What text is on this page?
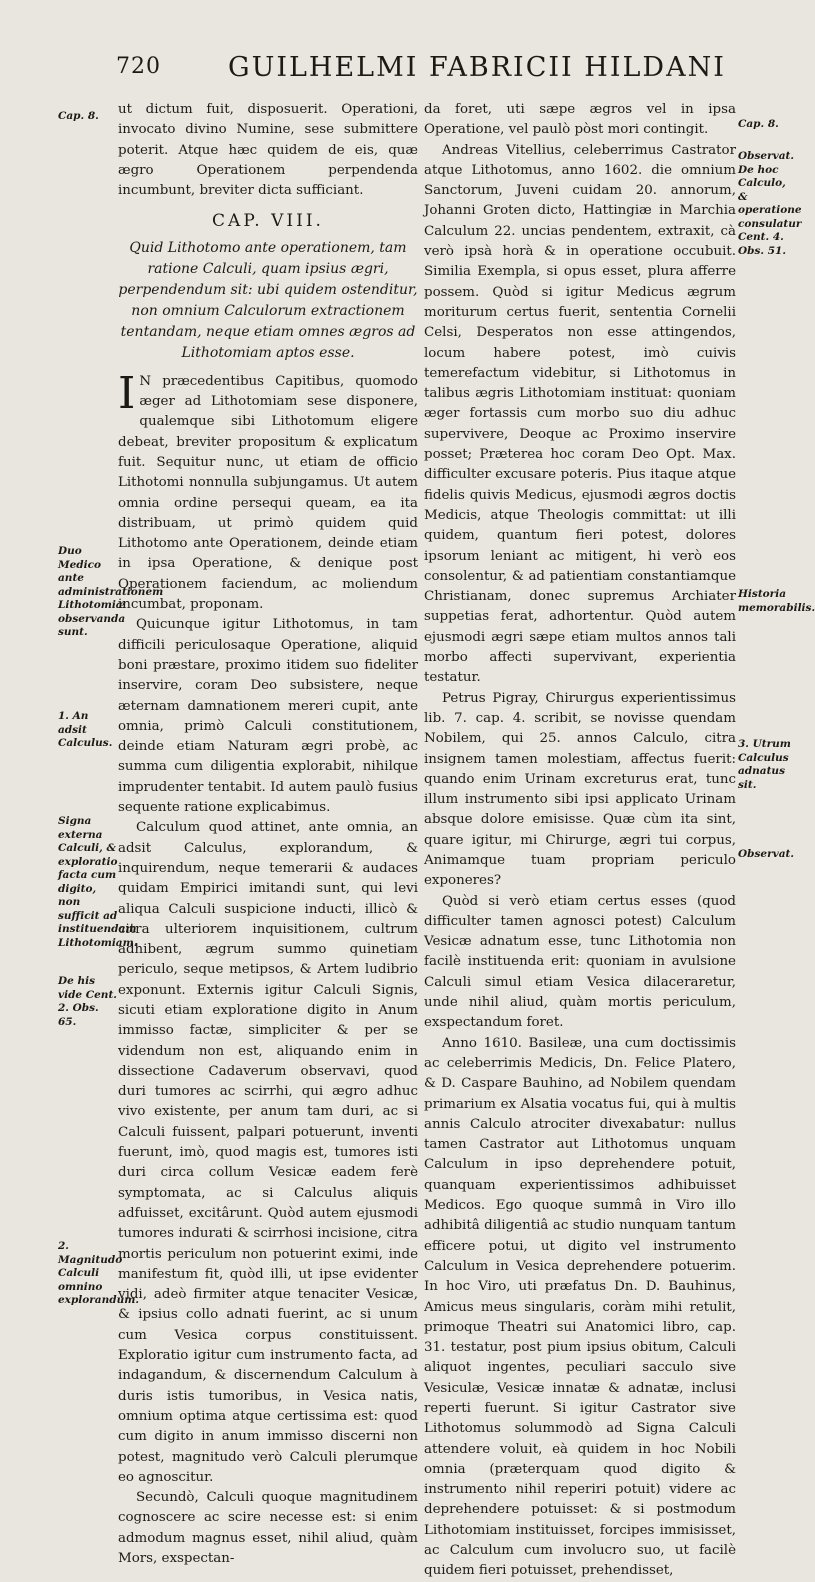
720 GUILHELMI FABRICII HILDANI

ut dictum fuit, disposuerit. Operationi, invocato divino Numine, sese submittere poterit. Atque hæc quidem de eis, quæ ægro Operationem perpendenda incumbunt, breviter dicta sufficiant.

CAP. VIII.

Quid Lithotomo ante operationem, tam ratione Calculi, quam ipsius ægri, perpendendum sit: ubi quidem ostenditur, non omnium Calculorum extractionem tentandam, neque etiam omnes ægros ad Lithotomiam aptos esse.

I N præcedentibus Capitibus, quomodo æger ad Lithotomiam sese disponere, qualemque sibi Lithotomum eligere debeat, breviter propositum & explicatum fuit. Sequitur nunc, ut etiam de officio Lithotomi nonnulla subjungamus. Ut autem omnia ordine persequi queam, ea ita distribuam, ut primò quidem quid Lithotomo ante Operationem, deinde etiam in ipsa Operatione, & denique post Operationem faciendum, ac moliendum incumbat, proponam.

Quicunque igitur Lithotomus, in tam difficili periculosaque Operatione, aliquid boni præstare, proximo itidem suo fideliter inservire, coram Deo subsistere, neque æternam damnationem mereri cupit, ante omnia, primò Calculi constitutionem, deinde etiam Naturam ægri probè, ac summa cum diligentia explorabit, nihilque imprudenter tentabit. Id autem paulò fusius sequente ratione explicabimus.

Calculum quod attinet, ante omnia, an adsit Calculus, explorandum, & inquirendum, neque temerarii & audaces quidam Empirici imitandi sunt, qui levi aliqua Calculi suspicione inducti, illicò & citra ulteriorem inquisitionem, cultrum adhibent, ægrum summo quinetiam periculo, seque metipsos, & Artem ludibrio exponunt. Externis igitur Calculi Signis, sicuti etiam exploratione digito in Anum immisso factæ, simpliciter & per se videndum non est, aliquando enim in dissectione Cadaverum observavi, quod duri tumores ac scirrhi, qui ægro adhuc vivo existente, per anum tam duri, ac si Calculi fuissent, palpari potuerunt, inventi fuerunt, imò, quod magis est, tumores isti duri circa collum Vesicæ eadem ferè symptomata, ac si Calculus aliquis adfuisset, excitârunt. Quòd autem ejusmodi tumores indurati & scirrhosi incisione, citra mortis periculum non potuerint eximi, inde manifestum fit, quòd illi, ut ipse evidenter vidi, adeò firmiter atque tenaciter Vesicæ, & ipsius collo adnati fuerint, ac si unum cum Vesica corpus constituissent. Exploratio igitur cum instrumento facta, ad indagandum, & discernendum Calculum à duris istis tumoribus, in Vesica natis, omnium optima atque certissima est: quod cum digito in anum immisso discerni non potest, magnitudo verò Calculi plerumque eo agnoscitur.

Secundò, Calculi quoque magnitudinem cognoscere ac scire necesse est: si enim admodum magnus esset, nihil aliud, quàm Mors, exspectan-

da foret, uti sæpe ægros vel in ipsa Operatione, vel paulò pòst mori contingit.

Andreas Vitellius, celeberrimus Castrator atque Lithotomus, anno 1602. die omnium Sanctorum, Juveni cuidam 20. annorum, Johanni Groten dicto, Hattingiæ in Marchia Calculum 22. uncias pendentem, extraxit, cà verò ipsà horà & in operatione occubuit. Similia Exempla, si opus esset, plura afferre possem. Quòd si igitur Medicus ægrum moriturum certus fuerit, sententia Cornelii Celsi, Desperatos non esse attingendos, locum habere potest, imò cuivis temerefactum videbitur, si Lithotomus in talibus ægris Lithotomiam instituat: quoniam æger fortassis cum morbo suo diu adhuc supervivere, Deoque ac Proximo inservire posset; Præterea hoc coram Deo Opt. Max. difficulter excusare poteris. Pius itaque atque fidelis quivis Medicus, ejusmodi ægros doctis Medicis, atque Theologis committat: ut illi quidem, quantum fieri potest, dolores ipsorum leniant ac mitigent, hi verò eos consolentur, & ad patientiam constantiamque Christianam, donec supremus Archiater suppetias ferat, adhortentur. Quòd autem ejusmodi ægri sæpe etiam multos annos tali morbo affecti supervivant, experientia testatur.

Petrus Pigray, Chirurgus experientissimus lib. 7. cap. 4. scribit, se novisse quendam Nobilem, qui 25. annos Calculo, citra insignem tamen molestiam, affectus fuerit: quando enim Urinam excreturus erat, tunc illum instrumento sibi ipsi applicato Urinam absque dolore emisisse. Quæ cùm ita sint, quare igitur, mi Chirurge, ægri tui corpus, Animamque tuam propriam periculo exponeres?

Quòd si verò etiam certus esses (quod difficulter tamen agnosci potest) Calculum Vesicæ adnatum esse, tunc Lithotomia non facilè instituenda erit: quoniam in avulsione Calculi simul etiam Vesica dilaceraretur, unde nihil aliud, quàm mortis periculum, exspectandum foret.

Anno 1610. Basileæ, una cum doctissimis ac celeberrimis Medicis, Dn. Felice Platero, & D. Caspare Bauhino, ad Nobilem quendam primarium ex Alsatia vocatus fui, qui à multis annis Calculo atrociter divexabatur: nullus tamen Castrator aut Lithotomus unquam Calculum in ipso deprehendere potuit, quanquam experientissimos adhibuisset Medicos. Ego quoque summâ in Viro illo adhibitâ diligentiâ ac studio nunquam tantum efficere potui, ut digito vel instrumento Calculum in Vesica deprehendere potuerim. In hoc Viro, uti præfatus Dn. D. Bauhinus, Amicus meus singularis, coràm mihi retulit, primoque Theatri sui Anatomici libro, cap. 31. testatur, post pium ipsius obitum, Calculi aliquot ingentes, peculiari sacculo sive Vesiculæ, Vesicæ innatæ & adnatæ, inclusi reperti fuerunt. Si igitur Castrator sive Lithotomus solummodò ad Signa Calculi attendere voluit, eà quidem in hoc Nobili omnia (præterquam quod digito & instrumento nihil reperiri potuit) videre ac deprehendere potuisset: & si postmodum Lithotomiam instituisset, forcipes immisisset, ac Calculum cum involucro suo, ut facilè quidem fieri potuisset, prehendisset,

Cap. 8.
Duo Medico ante administrationem Lithotomiæ observanda sunt.
1. An adsit Calculus.
Signa externa Calculi, & exploratio facta cum digito, non sufficit ad instituendam Lithotomiam.
De his vide Cent. 2. Obs. 65.
2. Magnitudo Calculi omnino explorandum.
Cap. 8.
Observat. De hoc Calculo, & operatione consulatur Cent. 4. Obs. 51.
Historia memorabilis.
3. Utrum Calculus adnatus sit.
Observat.
